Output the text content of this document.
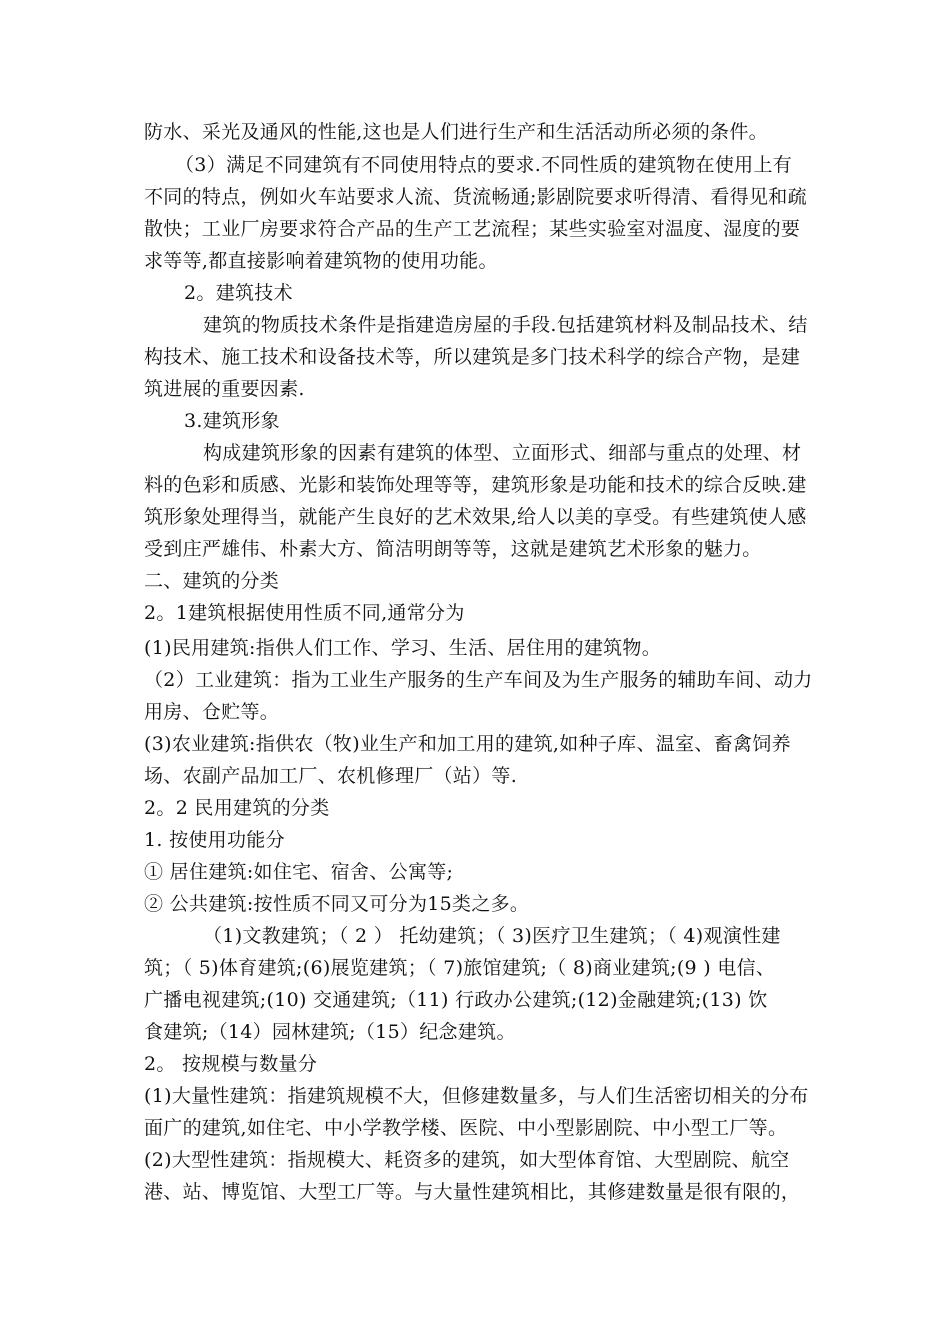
防水、采光及通风的性能,这也是人们进行生产和生活活动所必须的条件。
（3）满足不同建筑有不同使用特点的要求.不同性质的建筑物在使用上有
不同的特点，例如火车站要求人流、货流畅通;影剧院要求听得清、看得见和疏
散快；工业厂房要求符合产品的生产工艺流程；某些实验室对温度、湿度的要
求等等,都直接影响着建筑物的使用功能。
2。建筑技术
建筑的物质技术条件是指建造房屋的手段.包括建筑材料及制品技术、结
构技术、施工技术和设备技术等，所以建筑是多门技术科学的综合产物，是建
筑进展的重要因素.
3.建筑形象
构成建筑形象的因素有建筑的体型、立面形式、细部与重点的处理、材
料的色彩和质感、光影和装饰处理等等，建筑形象是功能和技术的综合反映.建
筑形象处理得当，就能产生良好的艺术效果,给人以美的享受。有些建筑使人感
受到庄严雄伟、朴素大方、简洁明朗等等，这就是建筑艺术形象的魅力。
二、建筑的分类
2。1建筑根据使用性质不同,通常分为
(1)民用建筑:指供人们工作、学习、生活、居住用的建筑物。
（2）工业建筑：指为工业生产服务的生产车间及为生产服务的辅助车间、动力
用房、仓贮等。
(3)农业建筑:指供农（牧)业生产和加工用的建筑,如种子库、温室、畜禽饲养
场、农副产品加工厂、农机修理厂（站）等.
2。2 民用建筑的分类
1. 按使用功能分
① 居住建筑:如住宅、宿舍、公寓等;
② 公共建筑:按性质不同又可分为15类之多。
（1)文教建筑；（ 2 ） 托幼建筑；（ 3)医疗卫生建筑；（ 4)观演性建
筑；（ 5)体育建筑;(6)展览建筑；（ 7)旅馆建筑;（ 8)商业建筑;(9 ) 电信、
广播电视建筑;(10) 交通建筑;（11) 行政办公建筑;(12)金融建筑;(13) 饮
食建筑;（14）园林建筑;（15）纪念建筑。
2。 按规模与数量分
(1)大量性建筑：指建筑规模不大，但修建数量多，与人们生活密切相关的分布
面广的建筑,如住宅、中小学教学楼、医院、中小型影剧院、中小型工厂等。
(2)大型性建筑：指规模大、耗资多的建筑，如大型体育馆、大型剧院、航空
港、站、博览馆、大型工厂等。与大量性建筑相比，其修建数量是很有限的，
